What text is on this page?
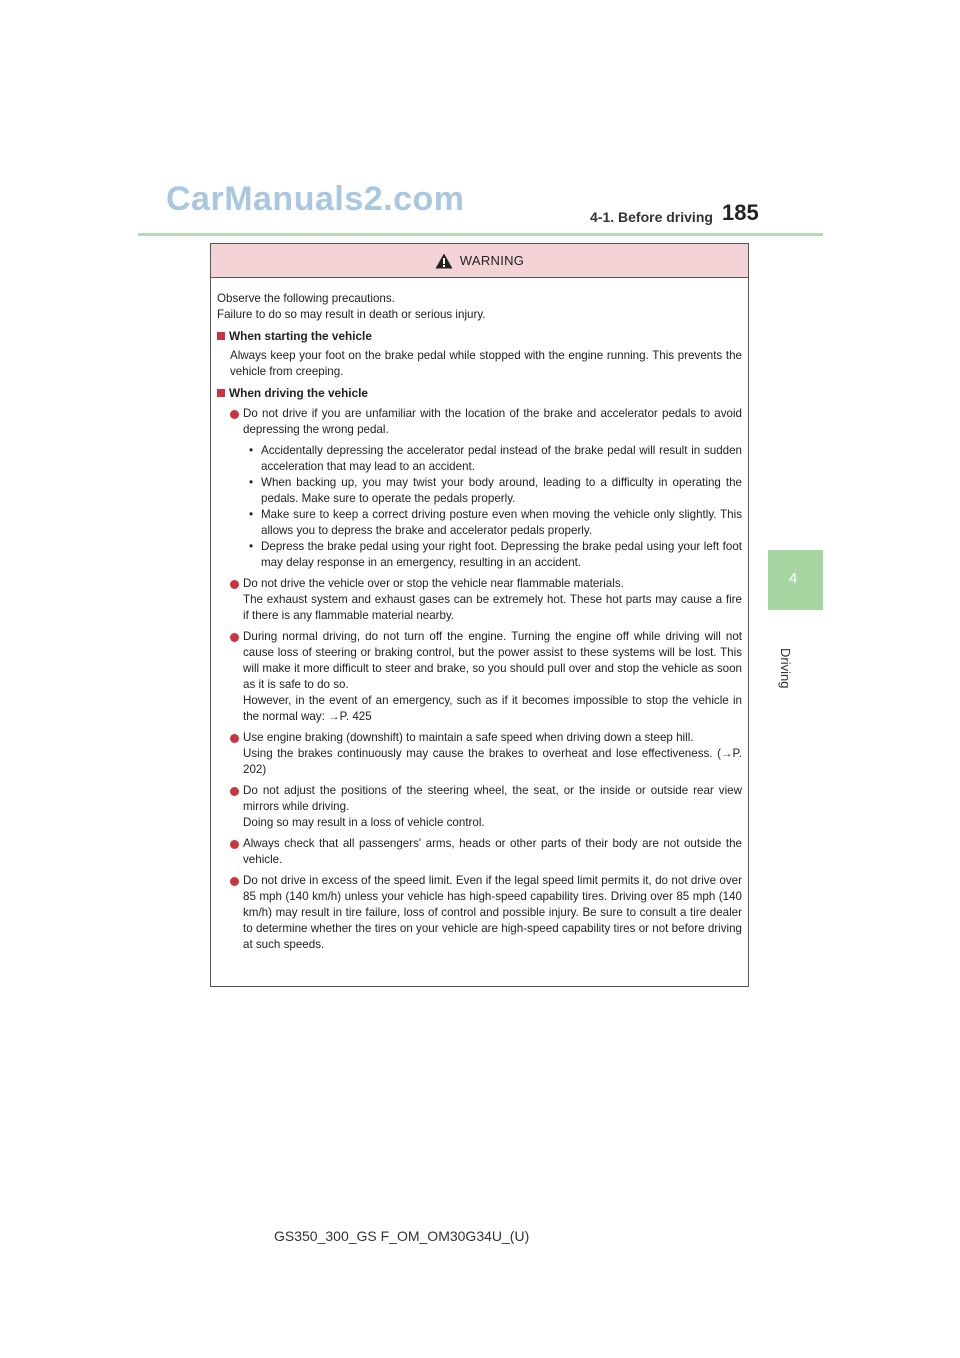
CarManuals2.com	4-1. Before driving 185
4
Driving
WARNING

Observe the following precautions.

Failure to do so may result in death or serious injury.

When starting the vehicle

Always keep your foot on the brake pedal while stopped with the engine running. This prevents the vehicle from creeping.

When driving the vehicle

Do not drive if you are unfamiliar with the location of the brake and accelerator pedals to avoid depressing the wrong pedal.

• Accidentally depressing the accelerator pedal instead of the brake pedal will result in sudden acceleration that may lead to an accident.
• When backing up, you may twist your body around, leading to a difficulty in operating the pedals. Make sure to operate the pedals properly.
• Make sure to keep a correct driving posture even when moving the vehicle only slightly. This allows you to depress the brake and accelerator pedals properly.
• Depress the brake pedal using your right foot. Depressing the brake pedal using your left foot may delay response in an emergency, resulting in an accident.

Do not drive the vehicle over or stop the vehicle near flammable materials.

The exhaust system and exhaust gases can be extremely hot. These hot parts may cause a fire if there is any flammable material nearby.

During normal driving, do not turn off the engine. Turning the engine off while driving will not cause loss of steering or braking control, but the power assist to these systems will be lost. This will make it more difficult to steer and brake, so you should pull over and stop the vehicle as soon as it is safe to do so.

However, in the event of an emergency, such as if it becomes impossible to stop the vehicle in the normal way: →P. 425

Use engine braking (downshift) to maintain a safe speed when driving down a steep hill.

Using the brakes continuously may cause the brakes to overheat and lose effectiveness. (→P. 202)

Do not adjust the positions of the steering wheel, the seat, or the inside or outside rear view mirrors while driving.

Doing so may result in a loss of vehicle control.

Always check that all passengers' arms, heads or other parts of their body are not outside the vehicle.

Do not drive in excess of the speed limit. Even if the legal speed limit permits it, do not drive over 85 mph (140 km/h) unless your vehicle has high-speed capability tires. Driving over 85 mph (140 km/h) may result in tire failure, loss of control and possible injury. Be sure to consult a tire dealer to determine whether the tires on your vehicle are high-speed capability tires or not before driving at such speeds.

GS350_300_GS F_OM_OM30G34U_(U)
